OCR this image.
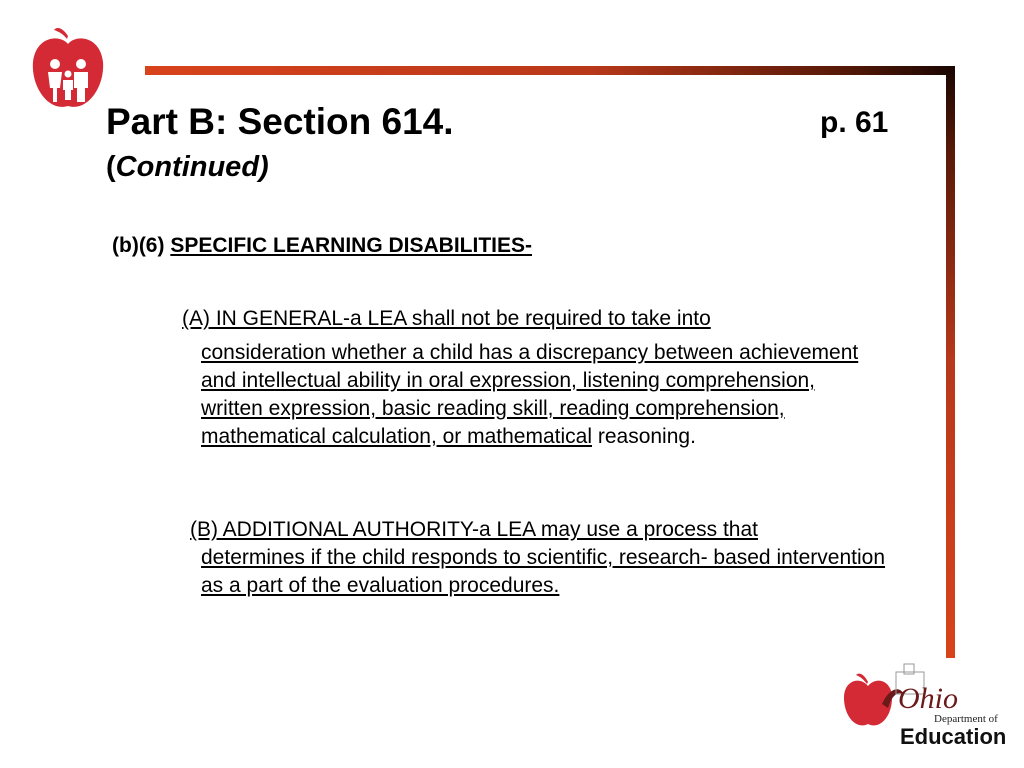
Part B: Section 614.	p. 61
(Continued)
(b)(6) SPECIFIC LEARNING DISABILITIES-
(A) IN GENERAL-a LEA shall not be required to take into
consideration whether a child has a discrepancy between achievement and intellectual ability in oral expression, listening comprehension, written expression, basic reading skill, reading comprehension, mathematical calculation, or mathematical reasoning.
(B) ADDITIONAL AUTHORITY-a LEA may use a process that
determines if the child responds to scientific, research- based intervention as a part of the evaluation procedures.
Ohio
Department of
Education
